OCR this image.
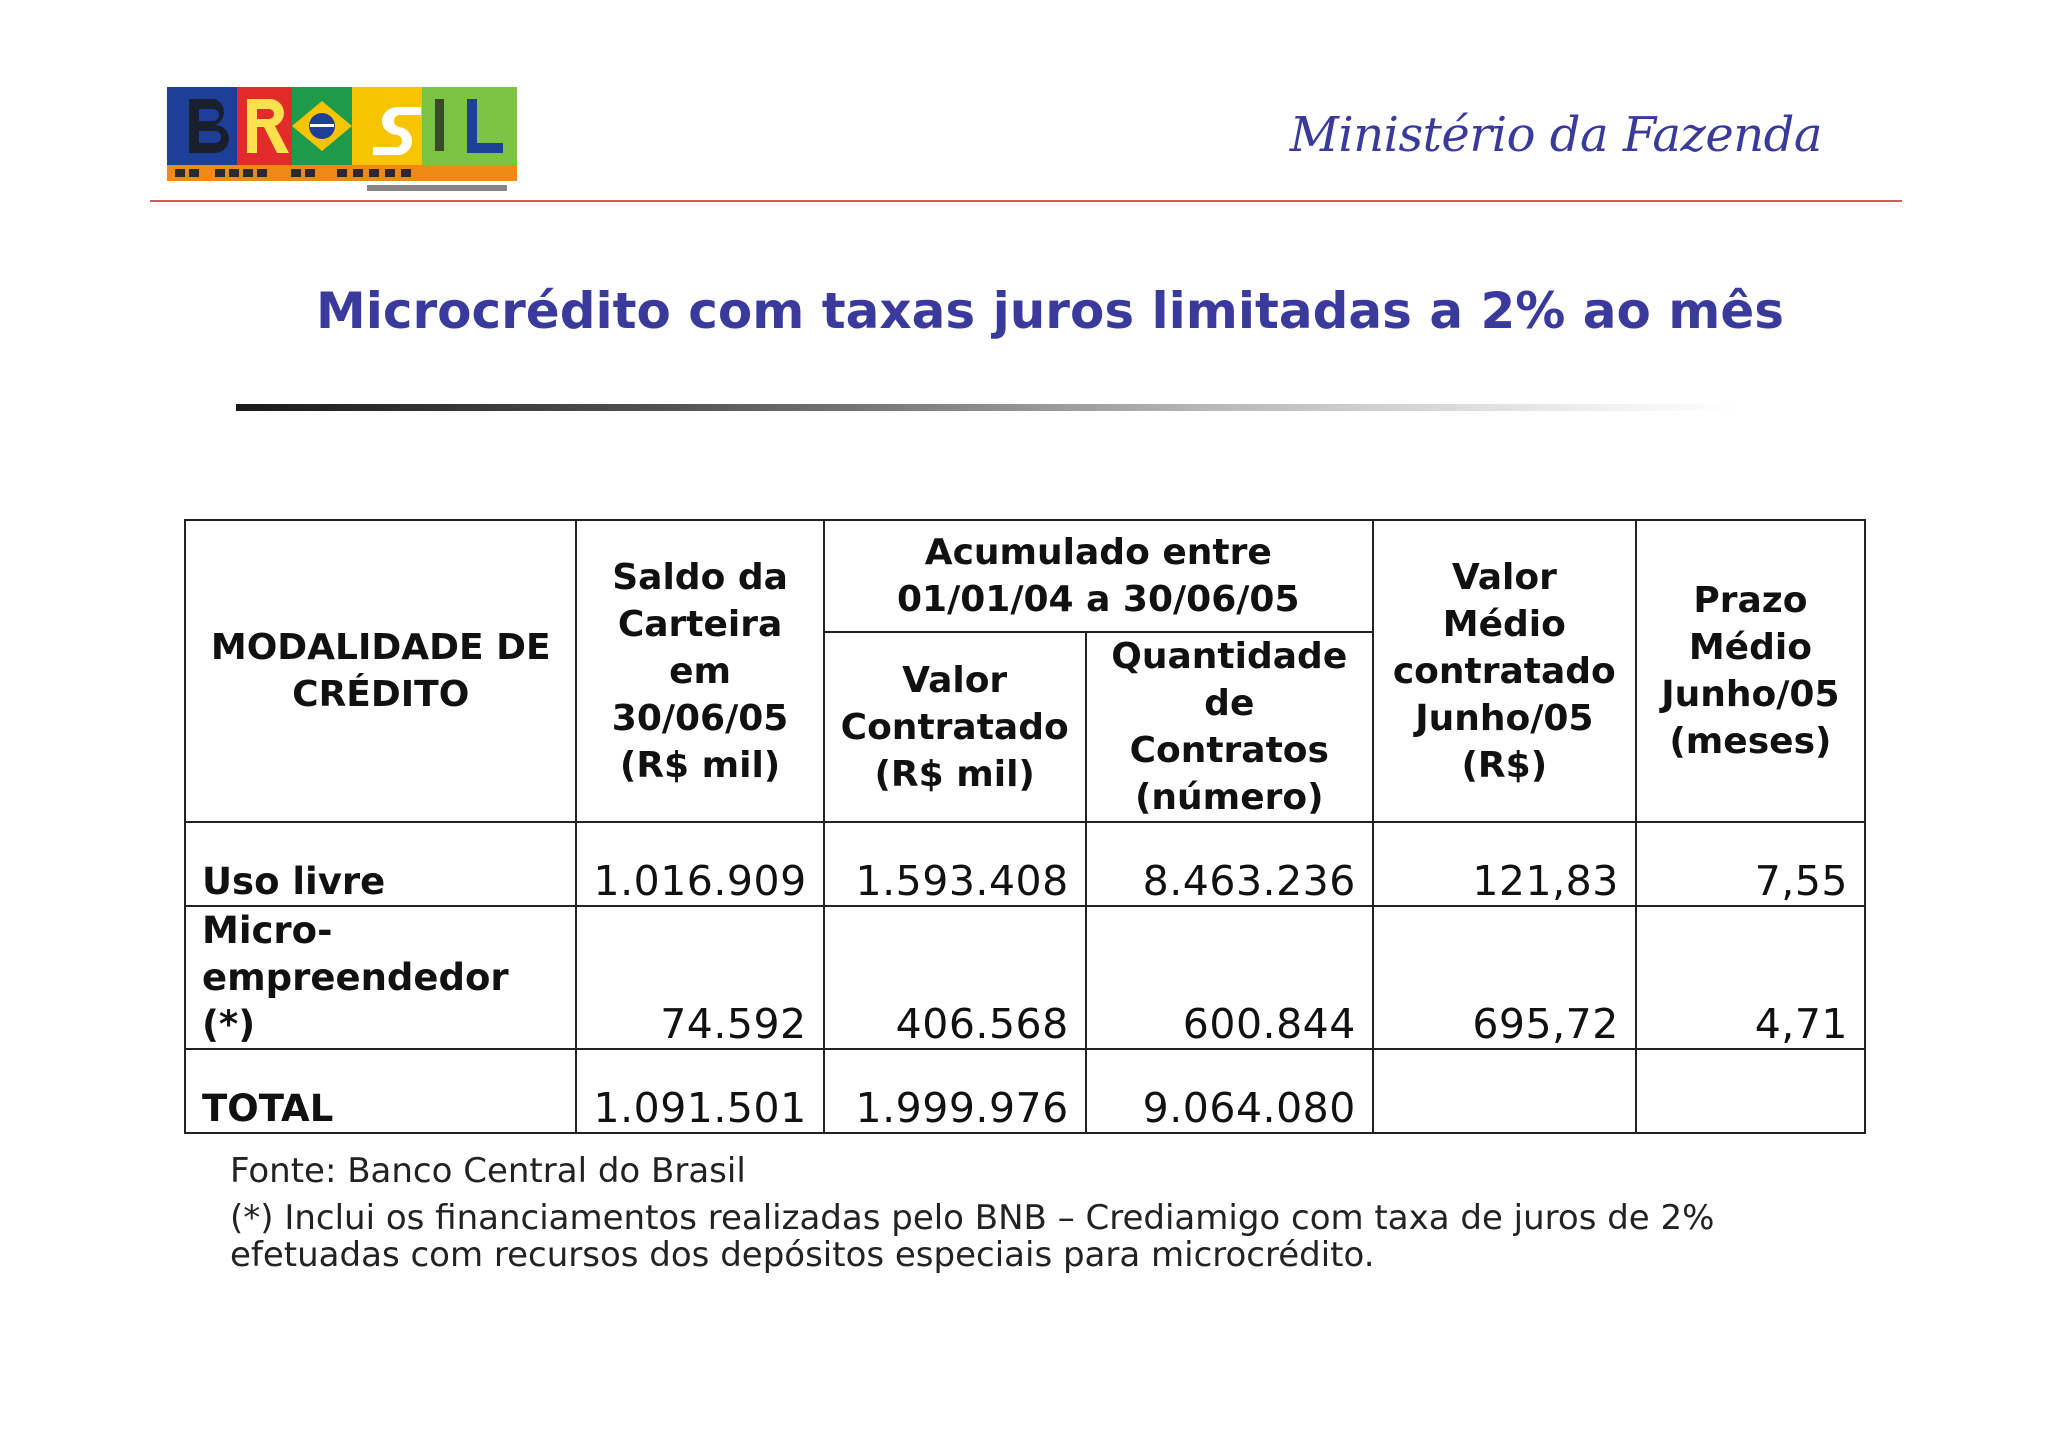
Ministério da Fazenda
Microcrédito com taxas juros limitadas a 2% ao mês
MODALIDADE DE CRÉDITO	Saldo da Carteira em 30/06/05 (R$ mil)	Acumulado entre 01/01/04 a 30/06/05		Valor Médio contratado Junho/05 (R$)	Prazo Médio Junho/05 (meses)
		Valor Contratado (R$ mil)	Quantidade de Contratos (número)		
Uso livre	1.016.909	1.593.408	8.463.236	121,83	7,55
Micro-empreendedor (*)	74.592	406.568	600.844	695,72	4,71
TOTAL	1.091.501	1.999.976	9.064.080		
Fonte: Banco Central do Brasil
(*) Inclui os financiamentos realizadas pelo BNB – Crediamigo com taxa de juros de 2% efetuadas com recursos dos depósitos especiais para microcrédito.
